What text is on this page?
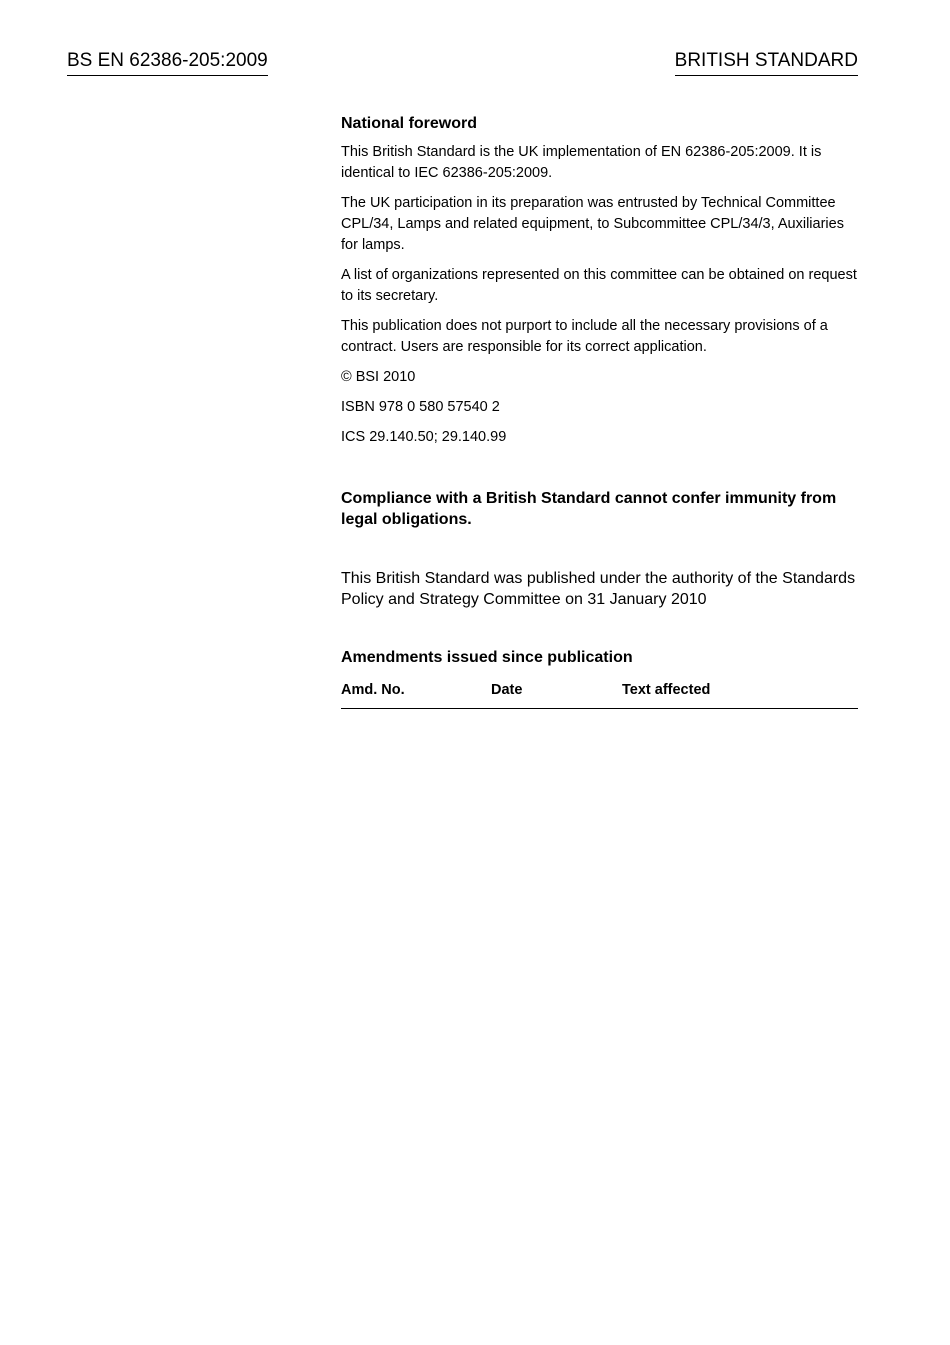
BS EN 62386-205:2009	BRITISH STANDARD
National foreword

This British Standard is the UK implementation of EN 62386-205:2009. It is identical to IEC 62386-205:2009.

The UK participation in its preparation was entrusted by Technical Committee CPL/34, Lamps and related equipment, to Subcommittee CPL/34/3, Auxiliaries for lamps.

A list of organizations represented on this committee can be obtained on request to its secretary.

This publication does not purport to include all the necessary provisions of a contract. Users are responsible for its correct application.

© BSI 2010

ISBN 978 0 580 57540 2

ICS 29.140.50; 29.140.99

Compliance with a British Standard cannot confer immunity from legal obligations.
This British Standard was published under the authority of the Standards Policy and Strategy Committee on 31 January 2010
Amendments issued since publication
Amd. No.	Date	Text affected
